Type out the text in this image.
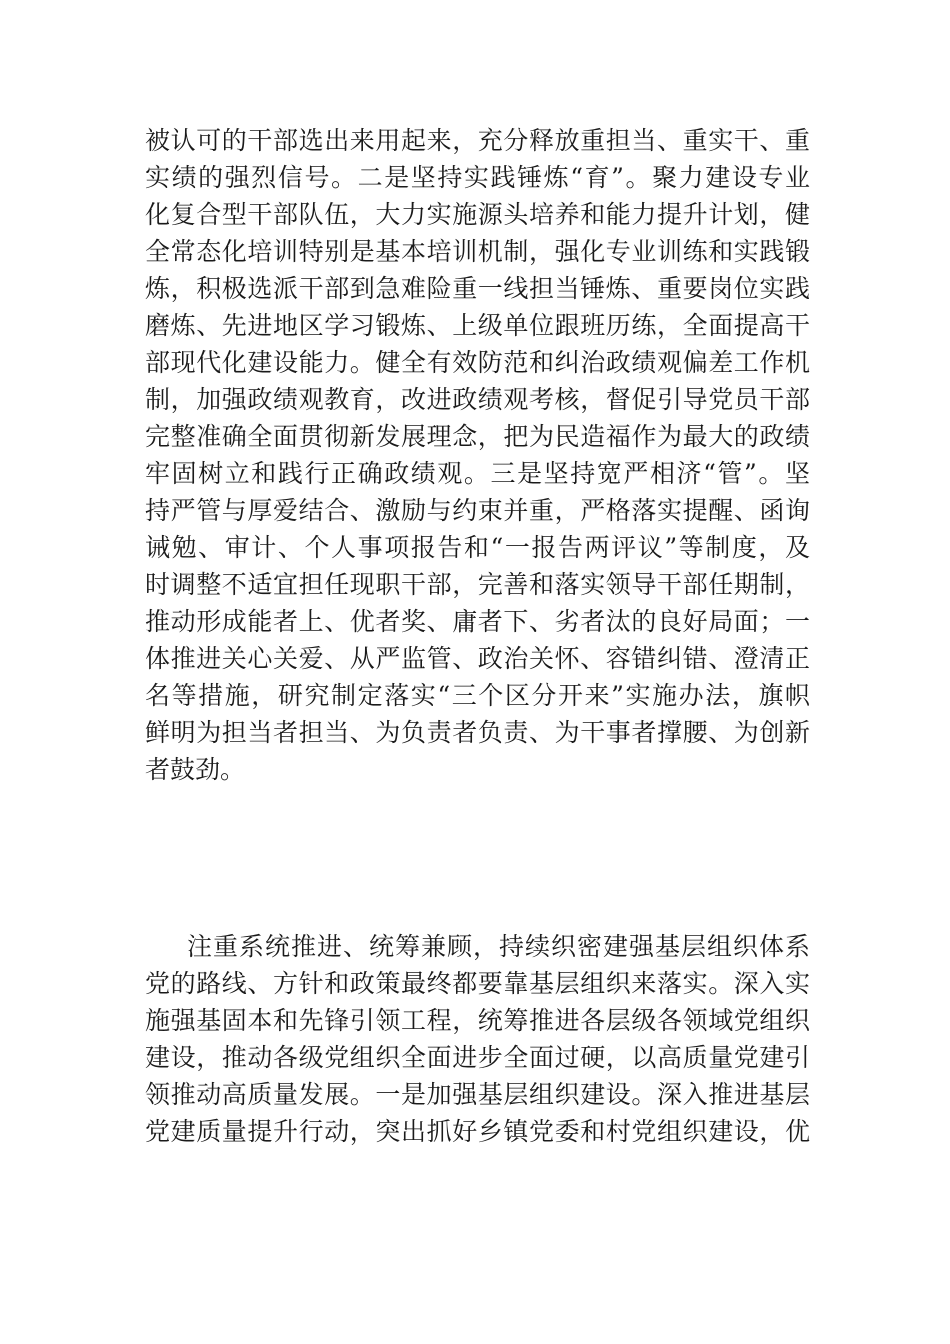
被认可的干部选出来用起来，充分释放重担当、重实干、重
实绩的强烈信号。二是坚持实践锤炼“育”。聚力建设专业
化复合型干部队伍，大力实施源头培养和能力提升计划，健
全常态化培训特别是基本培训机制，强化专业训练和实践锻
炼，积极选派干部到急难险重一线担当锤炼、重要岗位实践
磨炼、先进地区学习锻炼、上级单位跟班历练，全面提高干
部现代化建设能力。健全有效防范和纠治政绩观偏差工作机
制，加强政绩观教育，改进政绩观考核，督促引导党员干部
完整准确全面贯彻新发展理念，把为民造福作为最大的政绩
牢固树立和践行正确政绩观。三是坚持宽严相济“管”。坚
持严管与厚爱结合、激励与约束并重，严格落实提醒、函询
诫勉、审计、个人事项报告和“一报告两评议”等制度，及
时调整不适宜担任现职干部，完善和落实领导干部任期制，
推动形成能者上、优者奖、庸者下、劣者汰的良好局面；一
体推进关心关爱、从严监管、政治关怀、容错纠错、澄清正
名等措施，研究制定落实“三个区分开来”实施办法，旗帜
鲜明为担当者担当、为负责者负责、为干事者撑腰、为创新
者鼓劲。
注重系统推进、统筹兼顾，持续织密建强基层组织体系
党的路线、方针和政策最终都要靠基层组织来落实。深入实
施强基固本和先锋引领工程，统筹推进各层级各领域党组织
建设，推动各级党组织全面进步全面过硬，以高质量党建引
领推动高质量发展。一是加强基层组织建设。深入推进基层
党建质量提升行动，突出抓好乡镇党委和村党组织建设，优
